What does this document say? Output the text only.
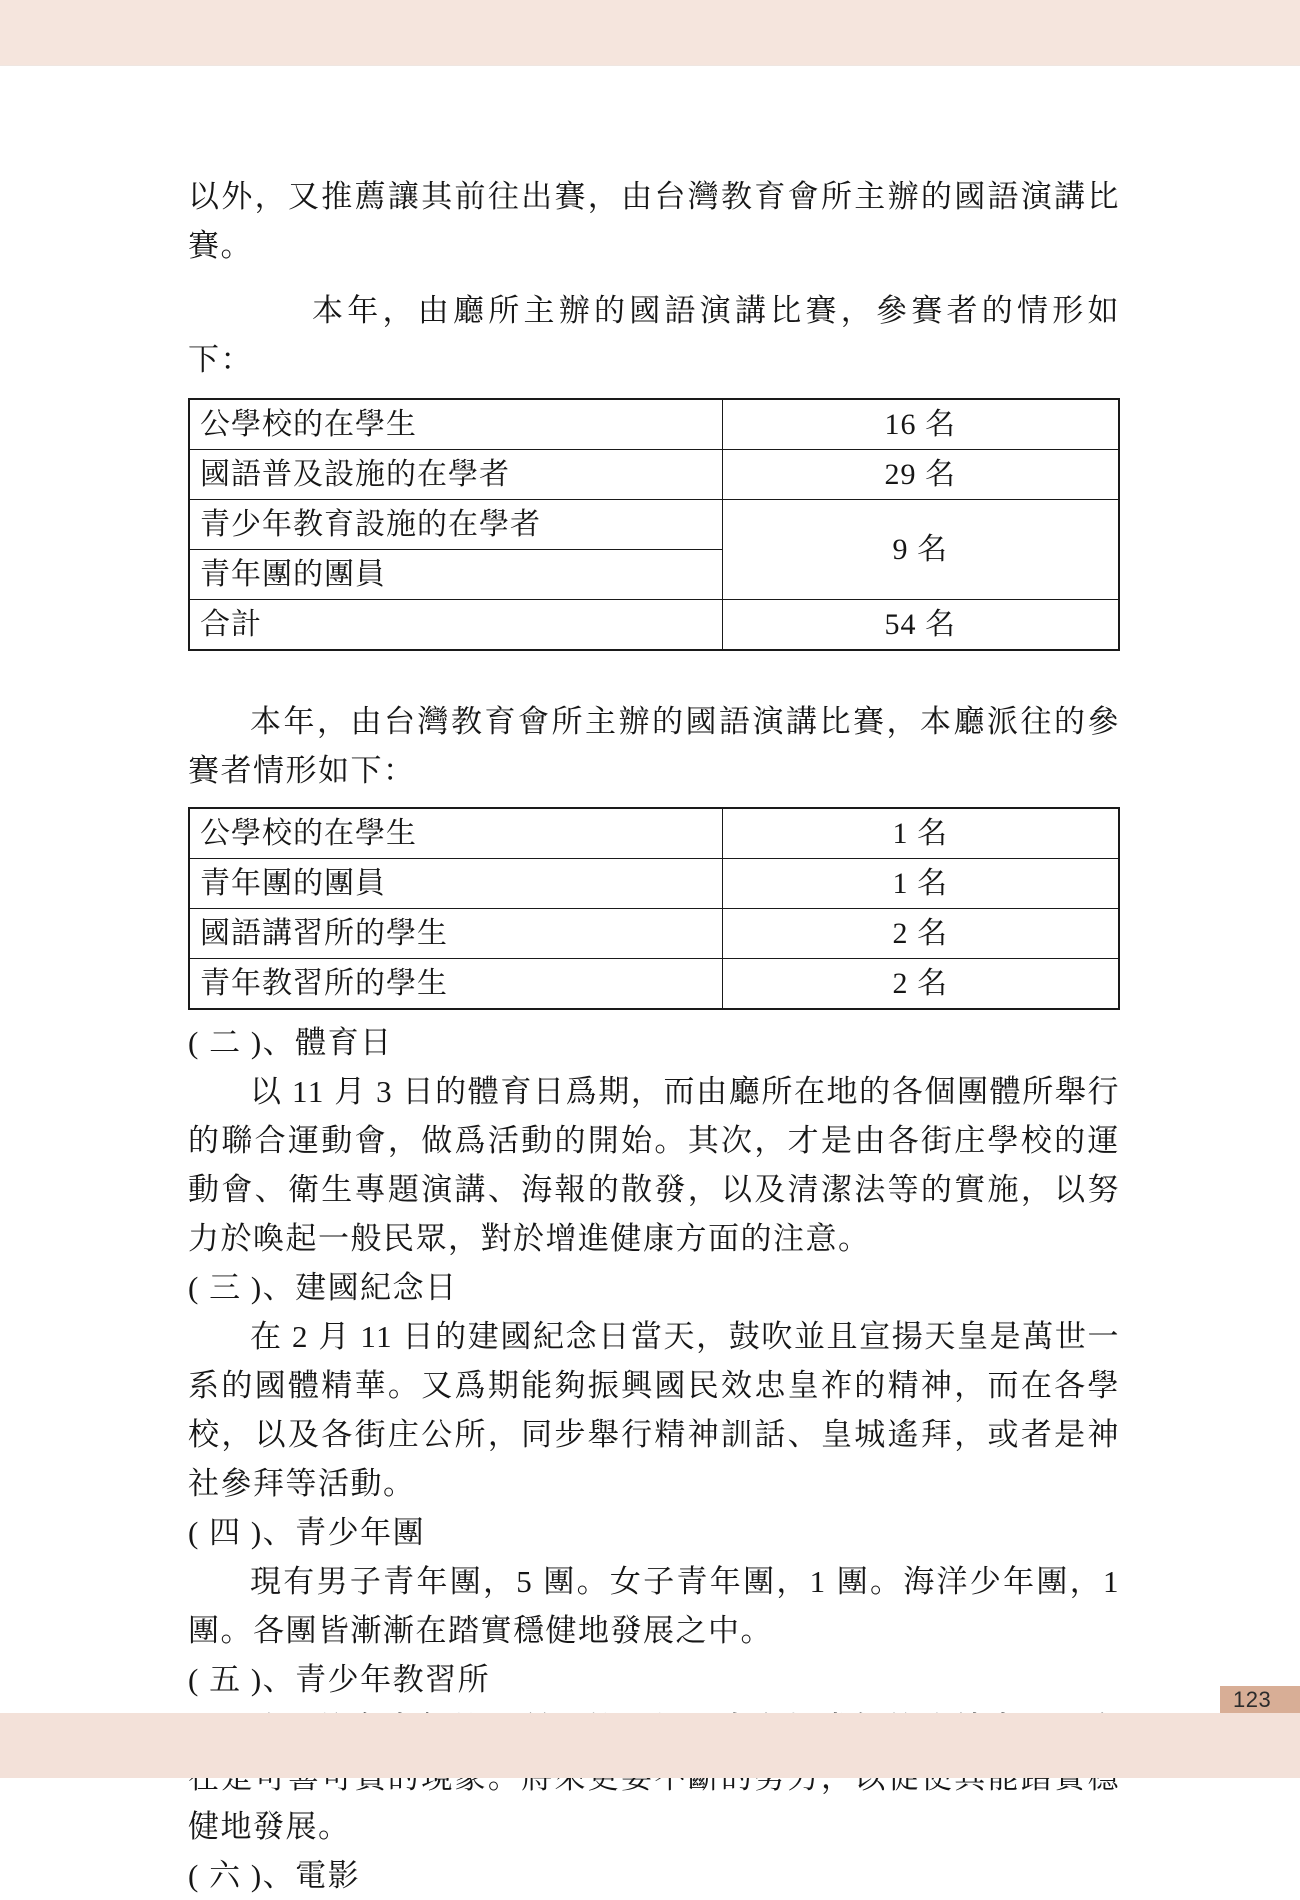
以外，又推薦讓其前往出賽，由台灣教育會所主辦的國語演講比賽。

本年，由廳所主辦的國語演講比賽，參賽者的情形如下：

公學校的在學生	16 名
國語普及設施的在學者	29 名
青少年教育設施的在學者	9 名
青年團的團員	
合計	54 名

本年，由台灣教育會所主辦的國語演講比賽，本廳派往的參賽者情形如下：

公學校的在學生	1 名
青年團的團員	1 名
國語講習所的學生	2 名
青年教習所的學生	2 名

( 二 )、體育日

以 11 月 3 日的體育日爲期，而由廳所在地的各個團體所舉行的聯合運動會，做爲活動的開始。其次，才是由各街庄學校的運動會、衛生專題演講、海報的散發，以及清潔法等的實施，以努力於喚起一般民眾，對於增進健康方面的注意。

( 三 )、建國紀念日

在 2 月 11 日的建國紀念日當天，鼓吹並且宣揚天皇是萬世一系的國體精華。又爲期能夠振興國民效忠皇祚的精神，而在各學校，以及各街庄公所，同步舉行精神訓話、皇城遙拜，或者是神社參拜等活動。

( 四 )、青少年團

現有男子青年團，5 團。女子青年團，1 團。海洋少年團，1 團。各團皆漸漸在踏實穩健地發展之中。

( 五 )、青少年教習所

健地發展。

( 六 )、電影

123
